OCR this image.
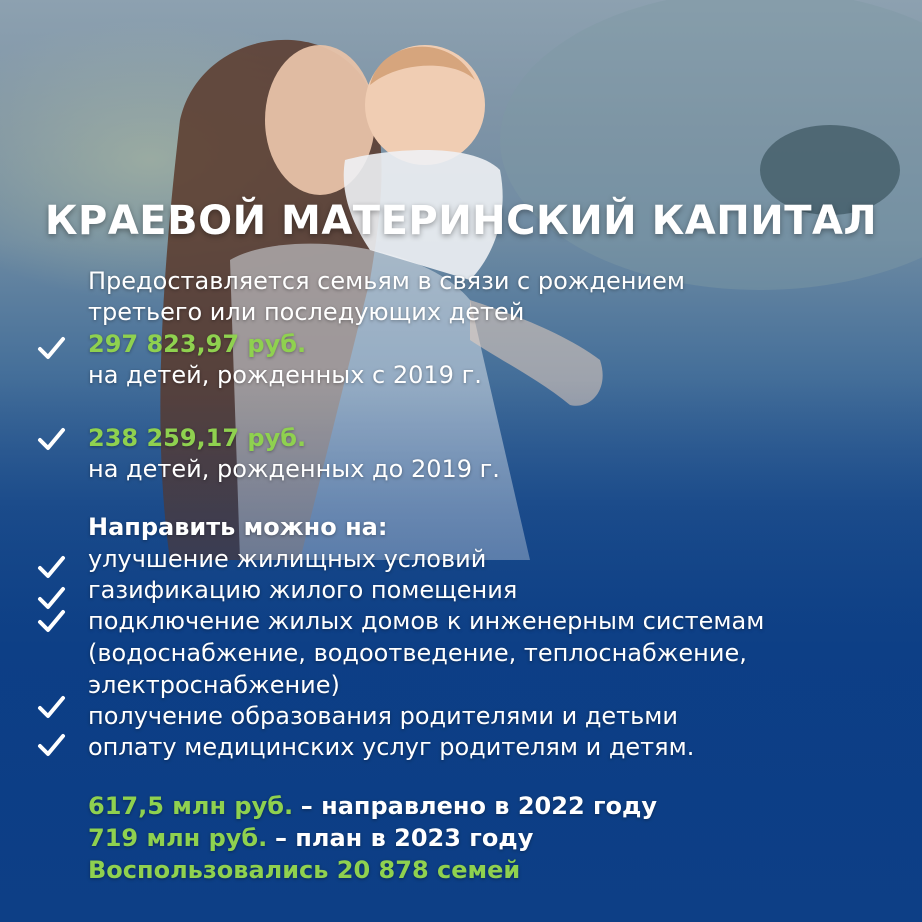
КРАЕВОЙ МАТЕРИНСКИЙ КАПИТАЛ
Предоставляется семьям в связи с рождением
третьего или последующих детей
297 823,97 руб.
на детей, рожденных с 2019 г.
238 259,17 руб.
на детей, рожденных до 2019 г.
Направить можно на:
улучшение жилищных условий
газификацию жилого помещения
подключение жилых домов к инженерным системам
(водоснабжение, водоотведение, теплоснабжение,
электроснабжение)
получение образования родителями и детьми
оплату медицинских услуг родителям и детям.
617,5 млн руб. – направлено в 2022 году
719 млн руб. – план в 2023 году
Воспользовались 20 878 семей
